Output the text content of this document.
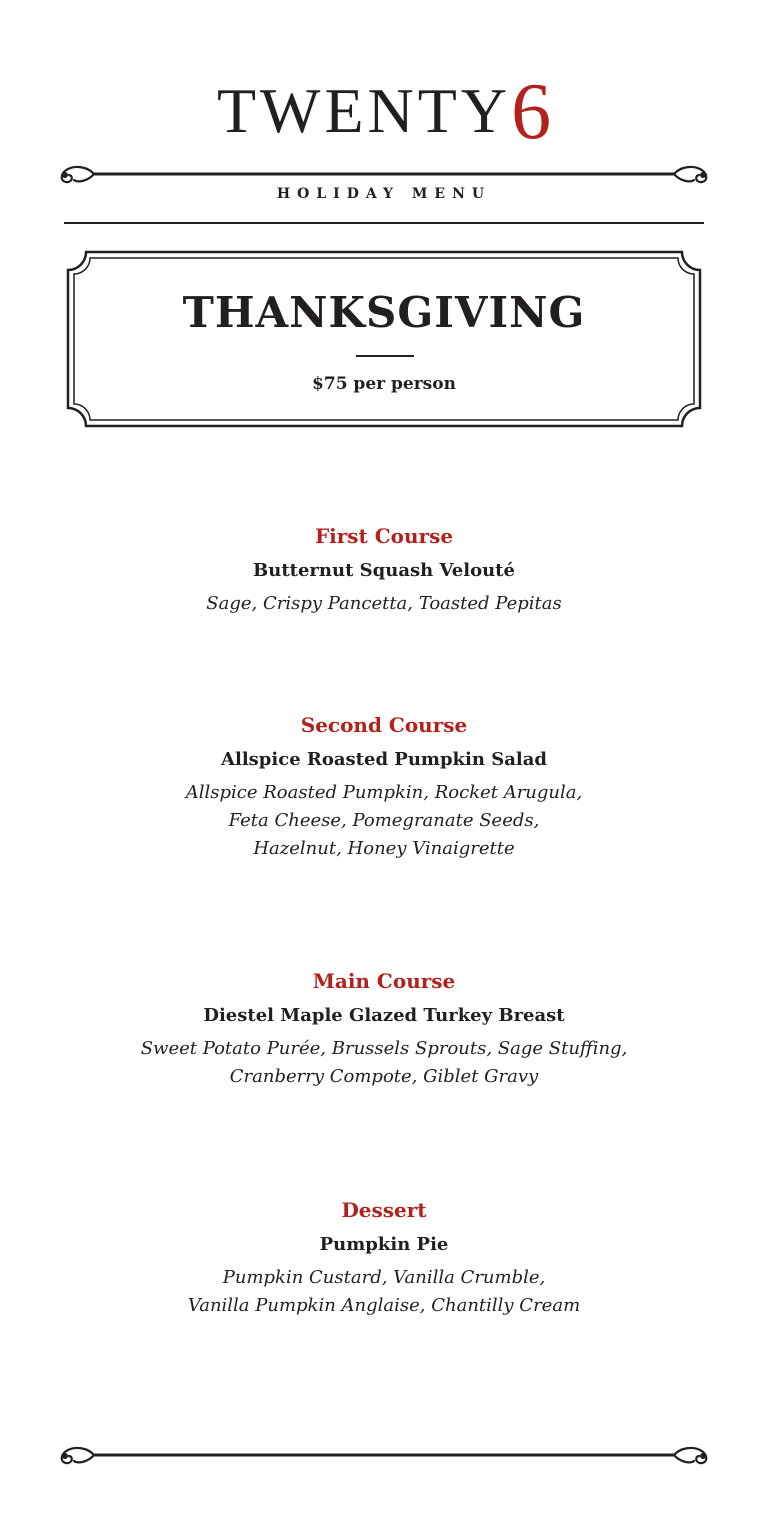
TWENTY6
HOLIDAY MENU
THANKSGIVING
$75 per person
First Course
Butternut Squash Velouté
Sage, Crispy Pancetta, Toasted Pepitas
Second Course
Allspice Roasted Pumpkin Salad
Allspice Roasted Pumpkin, Rocket Arugula,
Feta Cheese, Pomegranate Seeds,
Hazelnut, Honey Vinaigrette
Main Course
Diestel Maple Glazed Turkey Breast
Sweet Potato Purée, Brussels Sprouts, Sage Stuffing,
Cranberry Compote, Giblet Gravy
Dessert
Pumpkin Pie
Pumpkin Custard, Vanilla Crumble,
Vanilla Pumpkin Anglaise, Chantilly Cream
